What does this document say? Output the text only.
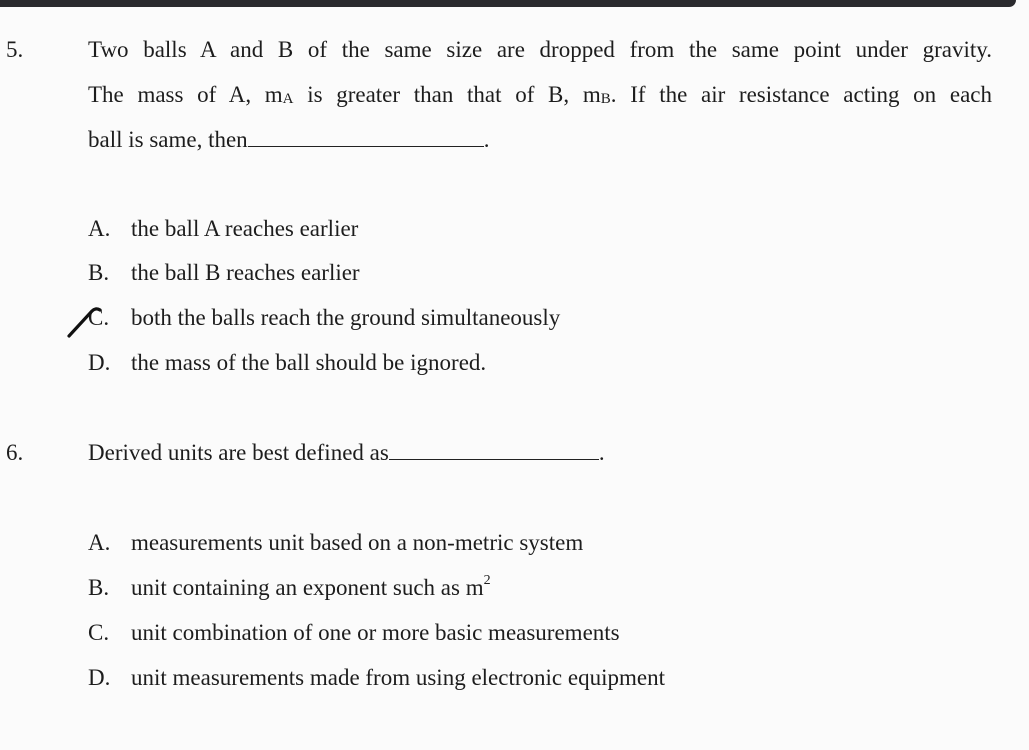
5.	Two balls A and B of the same size are dropped from the same point under gravity.
The mass of A, mA is greater than that of B, mB. If the air resistance acting on each
ball is same, then	.
A. the ball A reaches earlier
B. the ball B reaches earlier
C. both the balls reach the ground simultaneously
D. the mass of the ball should be ignored.
6.	Derived units are best defined as	.
A. measurements unit based on a non-metric system
B. unit containing an exponent such as $m^2$
C. unit combination of one or more basic measurements
D. unit measurements made from using electronic equipment
